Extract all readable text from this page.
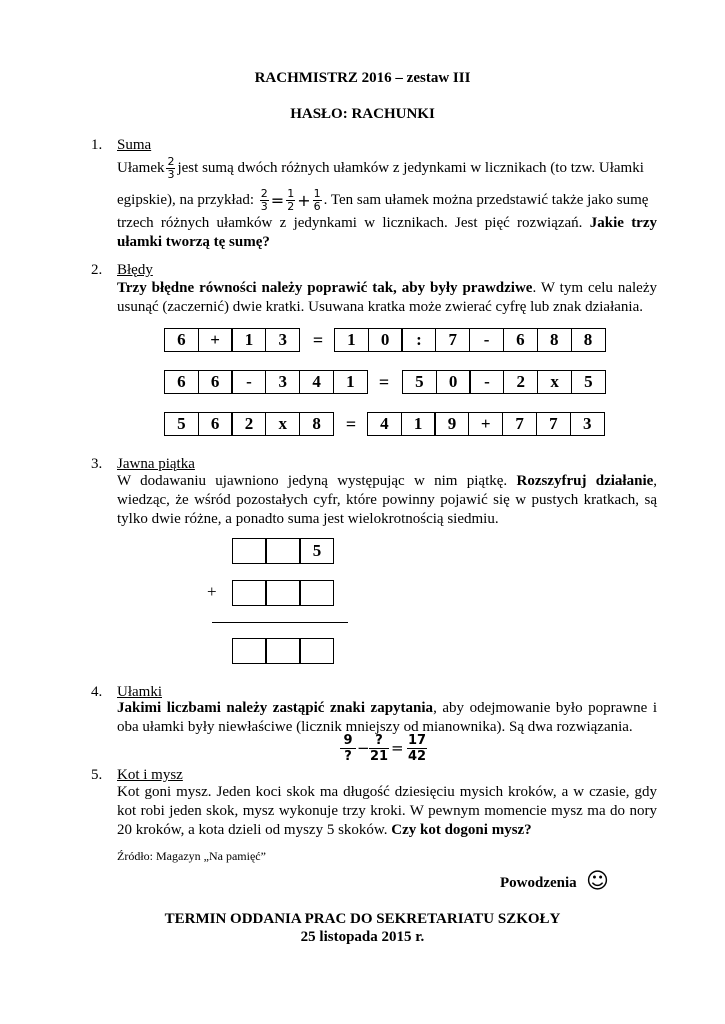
RACHMISTRZ 2016 – zestaw III
HASŁO: RACHUNKI
1. Suma
Ułamek $\frac{2}{3}$ jest sumą dwóch różnych ułamków z jedynkami w licznikach (to tzw. Ułamki
egipskie), na przykład:
$\frac{2}{3} = \frac{1}{2} + \frac{1}{6}$ . Ten sam ułamek można przedstawić także jako sumę
trzech różnych ułamków z jedynkami w licznikach. Jest pięć rozwiązań. Jakie trzy ułamki tworzą tę sumę?
2. Błędy
Trzy błędne równości należy poprawić tak, aby były prawdziwe. W tym celu należy usunąć (zaczernić) dwie kratki. Usuwana kratka może zwierać cyfrę lub znak działania.
6	+	1	3	=	1	0	:	7	-	6	8	8
6	6	-	3	4	1	=	5	0	-	2	x	5
5	6	2	x	8	=	4	1	9	+	7	7	3
3. Jawna piątka
W dodawaniu ujawniono jedyną występując w nim piątkę. Rozszyfruj działanie, wiedząc, że wśród pozostałych cyfr, które powinny pojawić się w pustych kratkach, są tylko dwie różne, a ponadto suma jest wielokrotnością siedmiu.
5
+
4. Ułamki
Jakimi liczbami należy zastąpić znaki zapytania, aby odejmowanie było poprawne i oba ułamki były niewłaściwe (licznik mniejszy od mianownika). Są dwa rozwiązania.
9
? − ?
21 = 17
42
5. Kot i mysz
Kot goni mysz. Jeden koci skok ma długość dziesięciu mysich kroków, a w czasie, gdy kot robi jeden skok, mysz wykonuje trzy kroki. W pewnym momencie mysz ma do nory 20 kroków, a kota dzieli od myszy 5 skoków. Czy kot dogoni mysz?
Źródło: Magazyn „Na pamięć”
Powodzenia ☺
TERMIN ODDANIA PRAC DO SEKRETARIATU SZKOŁY
25 listopada 2015 r.
